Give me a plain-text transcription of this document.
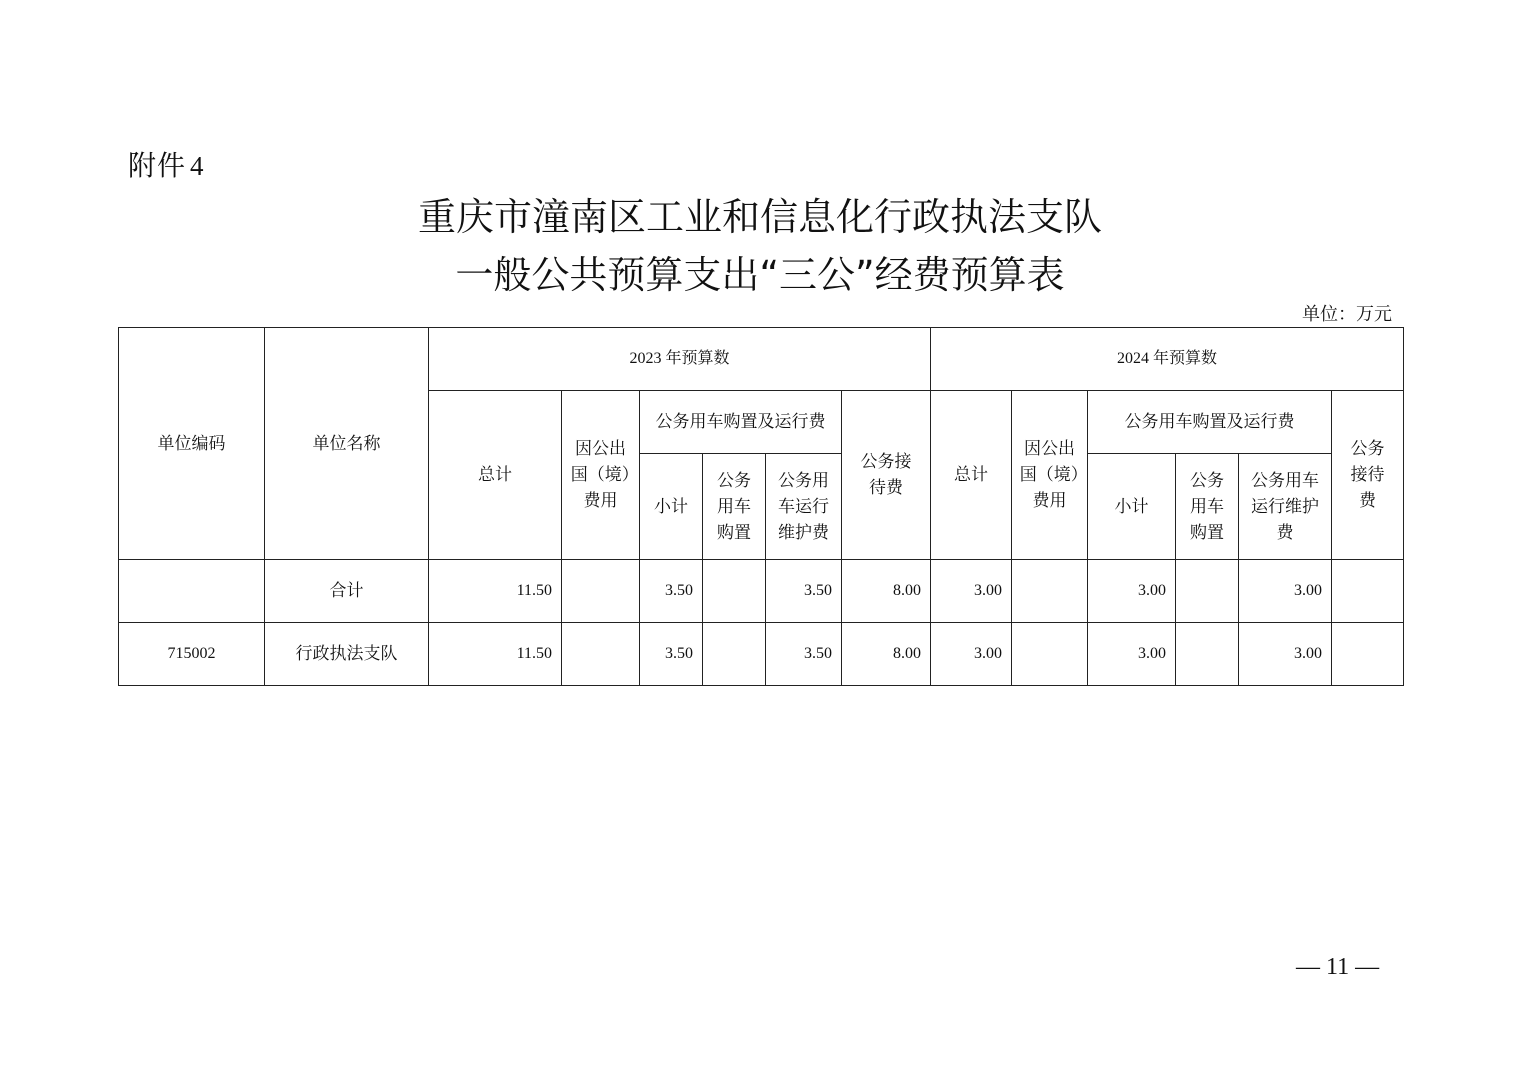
附件 4
重庆市潼南区工业和信息化行政执法支队
一般公共预算支出“三公”经费预算表
单位：万元
单位编码	单位名称	2023 年预算数						2024 年预算数					
		总计	因公出国（境）费用	公务用车购置及运行费			公务接待费	总计	因公出国（境）费用	公务用车购置及运行费			公务接待费
				小计	公务用车购置	公务用车运行维护费				小计	公务用车购置	公务用车运行维护费	
	合计	11.50		3.50		3.50	8.00	3.00		3.00		3.00	
715002	行政执法支队	11.50		3.50		3.50	8.00	3.00		3.00		3.00	
— 11 —
